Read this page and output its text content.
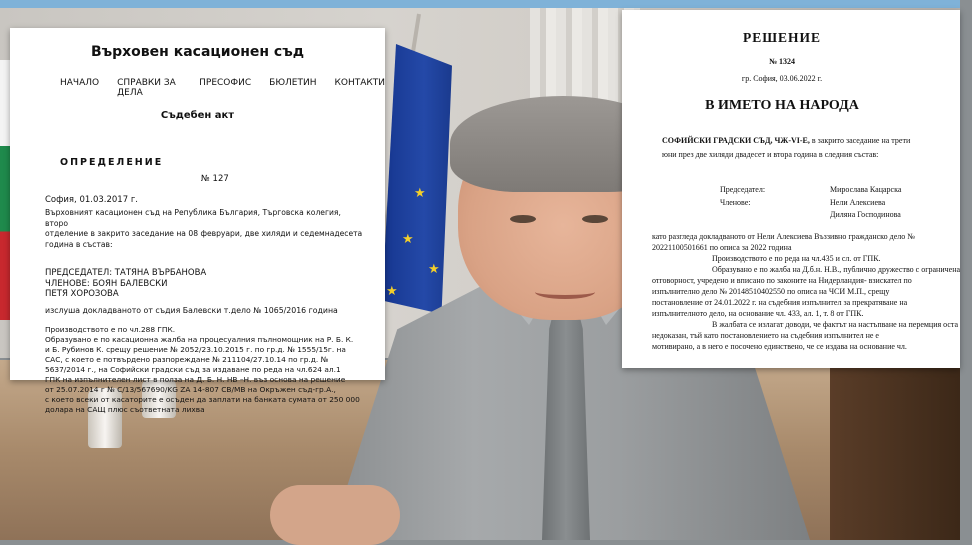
★
★
★
★

Върховен касационен съд

НАЧАЛО СПРАВКИ ЗА ДЕЛА
ПРЕСОФИС БЮЛЕТИН КОНТАКТИ

Съдебен акт

ОПРЕДЕЛЕНИЕ

№ 127

София, 01.03.2017 г.

Върховният касационен съд на Република България, Търговска колегия, второ

отделение в закрито заседание на 08 февруари, две хиляди и седемнадесета

година в състав:

ПРЕДСЕДАТЕЛ: ТАТЯНА ВЪРБАНОВА

ЧЛЕНОВЕ: БОЯН БАЛЕВСКИ

ПЕТЯ ХОРОЗОВА

изслуша докладваното от съдия Балевски т.дело № 1065/2016 година

Производството е по чл.288 ГПК.

Образувано е по касационна жалба на процесуалния пълномощник на Р. Б. К.

и Б. Рубинов К. срещу решение № 2052/23.10.2015 г. по гр.д. № 1555/15г. на

САС, с което е потвърдено разпореждане № 211104/27.10.14 по гр.д. №

5637/2014 г., на Софийски градски съд за издаване по реда на чл.624 ал.1

ГПК на изпълнителен лист в полза на Д. Б. Н. НВ –Н. въз основа на решение

от 25.07.2014 г № С/13/567690/KG ZA 14-807 CB/MB на Окръжен съд-гр.А.,

с което всеки от касаторите е осъден да заплати на банката сумата от 250 000

долара на САЩ плюс съответната лихва

РЕШЕНИЕ

№ 1324

гр. София, 03.06.2022 г.

В ИМЕТО НА НАРОДА

СОФИЙСКИ ГРАДСКИ СЪД, ЧЖ-VI-Е, в закрито заседание на трети

юни през две хиляди двадесет и втора година в следния състав:

Председател:	Мирослава Кацарска
Членове:	Нели Алексиева
Диляна Господинова

като разгледа докладваното от Нели Алексиева Въззивно гражданско дело №

20221100501661 по описа за 2022 година

Производството е по реда на чл.435 и сл. от ГПК.

Образувано е по жалба на Д.б.н. Н.В., публично дружество с ограничена

отговорност, учредено и вписано по законите на Нидерландия- взискател по

изпълнително дело № 20148510402550 по описа на ЧСИ М.П., срещу

постановление от 24.01.2022 г. на съдебния изпълнител за прекратяване на

изпълнителното дело, на основание чл. 433, ал. 1, т. 8 от ГПК.

В жалбата се излагат доводи, че фактът на настъпване на перемция оста

недоказан, тъй като постановлението на съдебния изпълнител не е

мотивирано, а в него е посочено единствено, че се издава на основание чл.
